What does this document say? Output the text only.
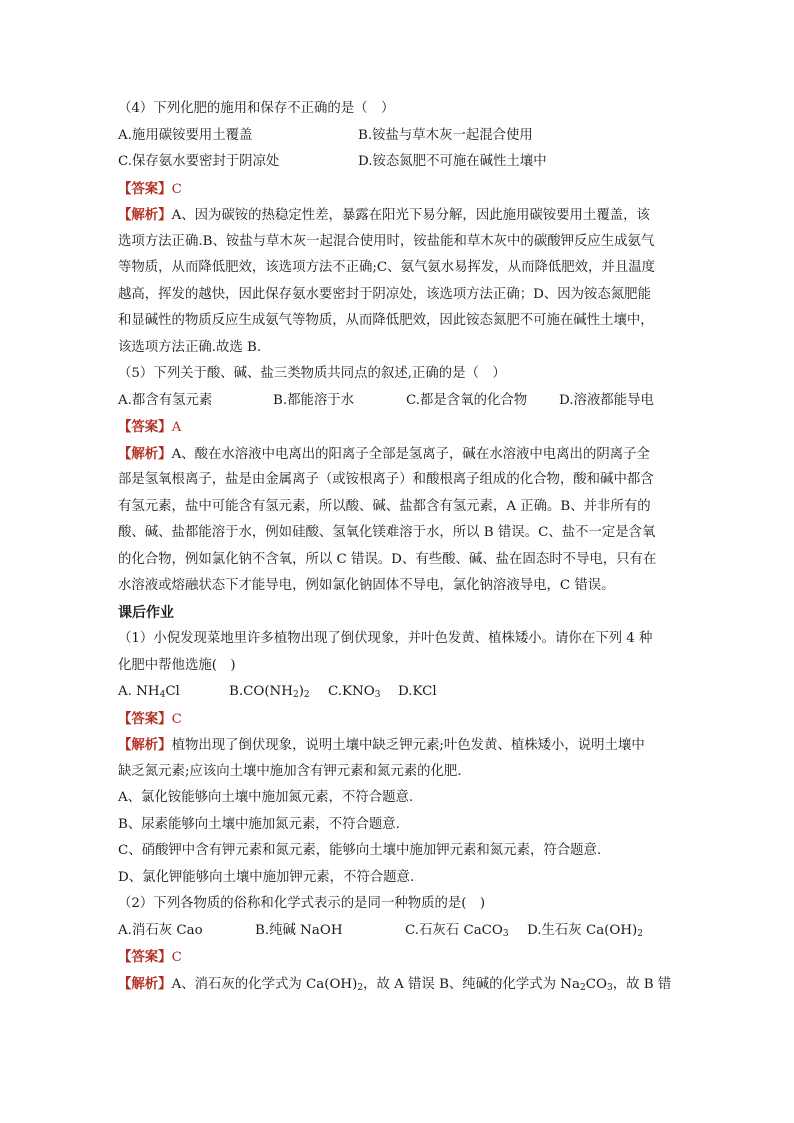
（4）下列化肥的施用和保存不正确的是（　）
A.施用碳铵要用土覆盖	B.铵盐与草木灰一起混合使用
C.保存氨水要密封于阴凉处	D.铵态氮肥不可施在碱性土壤中
【答案】C
【解析】A、因为碳铵的热稳定性差，暴露在阳光下易分解，因此施用碳铵要用土覆盖，该
选项方法正确.B、铵盐与草木灰一起混合使用时，铵盐能和草木灰中的碳酸钾反应生成氨气
等物质，从而降低肥效，该选项方法不正确;C、氨气氨水易挥发，从而降低肥效，并且温度
越高，挥发的越快，因此保存氨水要密封于阴凉处，该选项方法正确；D、因为铵态氮肥能
和显碱性的物质反应生成氨气等物质，从而降低肥效，因此铵态氮肥不可施在碱性土壤中，
该选项方法正确.故选 B.
（5）下列关于酸、碱、盐三类物质共同点的叙述,正确的是（　）
A.都含有氢元素	B.都能溶于水	C.都是含氧的化合物 D.溶液都能导电
【答案】A
【解析】A、酸在水溶液中电离出的阳离子全部是氢离子，碱在水溶液中电离出的阴离子全
部是氢氧根离子，盐是由金属离子（或铵根离子）和酸根离子组成的化合物，酸和碱中都含
有氢元素，盐中可能含有氢元素，所以酸、碱、盐都含有氢元素，A 正确。B、并非所有的
酸、碱、盐都能溶于水，例如硅酸、氢氧化镁难溶于水，所以 B 错误。C、盐不一定是含氧
的化合物，例如氯化钠不含氧，所以 C 错误。D、有些酸、碱、盐在固态时不导电，只有在
水溶液或熔融状态下才能导电，例如氯化钠固体不导电，氯化钠溶液导电，C 错误。
课后作业
（1）小倪发现菜地里许多植物出现了倒伏现象，并叶色发黄、植株矮小。请你在下列 4 种
化肥中帮他选施(　)
A. $NH_4Cl$	$B.CO(NH_2)_2$ $C.KNO_3$ D.KCl
【答案】C
【解析】植物出现了倒伏现象，说明土壤中缺乏钾元素;叶色发黄、植株矮小，说明土壤中
缺乏氮元素;应该向土壤中施加含有钾元素和氮元素的化肥.
A、氯化铵能够向土壤中施加氮元素，不符合题意.
B、尿素能够向土壤中施加氮元素，不符合题意.
C、硝酸钾中含有钾元素和氮元素，能够向土壤中施加钾元素和氮元素，符合题意.
D、氯化钾能够向土壤中施加钾元素，不符合题意.
（2）下列各物质的俗称和化学式表示的是同一种物质的是(　)
A.消石灰 Cao	B.纯碱 NaOH	C.石灰石 CaCO$_3$ D.生石灰 $Ca(OH)_2$
【答案】C
【解析】A、消石灰的化学式为 $Ca(OH)_2$，故 A 错误 B、纯碱的化学式为 $Na_2CO_3$，故 B 错
